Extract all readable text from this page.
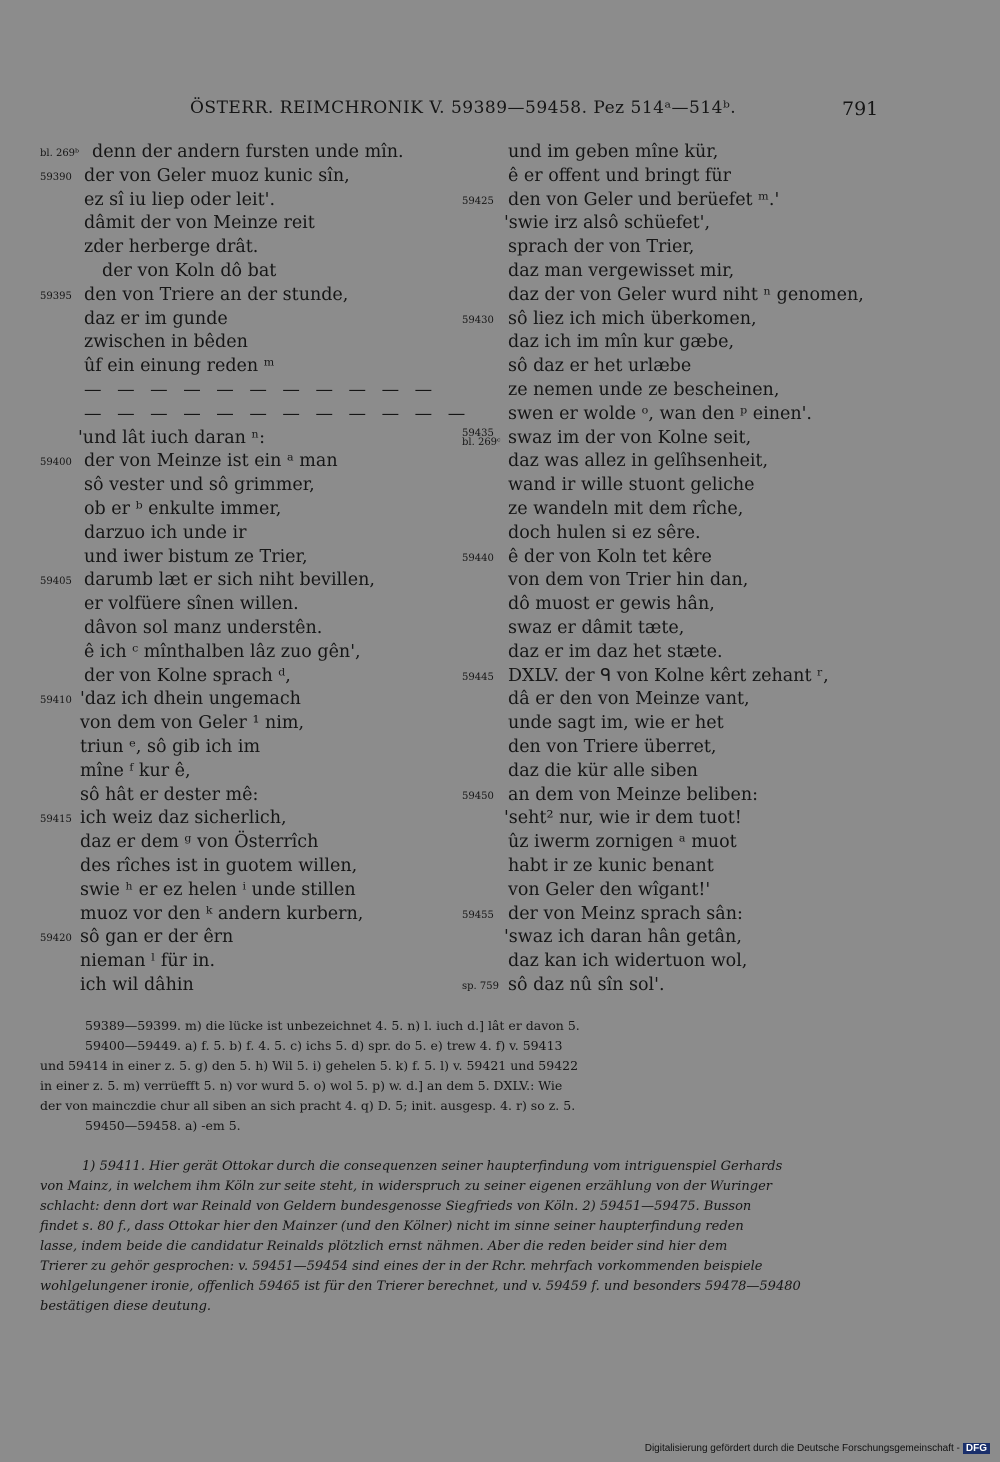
ÖSTERR. REIMCHRONIK V. 59389—59458. Pez 514ᵃ—514ᵇ.	791
bl. 269ᵇ denn der andern fursten unde mîn.
59390 der von Geler muoz kunic sîn,
ez sî iu liep oder leit'.
dâmit der von Meinze reit
zder herberge drât.
der von Koln dô bat
59395 den von Triere an der stunde,
daz er im gunde
zwischen in bêden
ûf ein einung reden ᵐ
— — — — — — — — — — —
— — — — — — — — — — — —
'und lât iuch daran ⁿ:
59400 der von Meinze ist ein ᵃ man
sô vester und sô grimmer,
ob er ᵇ enkulte immer,
darzuo ich unde ir
und iwer bistum ze Trier,
59405 darumb læt er sich niht bevillen,
er volfüere sînen willen.
dâvon sol manz understên.
ê ich ᶜ mînthalben lâz zuo gên',
der von Kolne sprach ᵈ,
59410 'daz ich dhein ungemach
von dem von Geler ¹ nim,
triun ᵉ, sô gib ich im
mîne ᶠ kur ê,
sô hât er dester mê:
59415 ich weiz daz sicherlich,
daz er dem ᵍ von Österrîch
des rîches ist in guotem willen,
swie ʰ er ez helen ⁱ unde stillen
muoz vor den ᵏ andern kurbern,
59420 sô gan er der êrn
nieman ˡ für in.
ich wil dâhin
und im geben mîne kür,
ê er offent und bringt für
59425 den von Geler und berüefet ᵐ.'
'swie irz alsô schüefet',
sprach der von Trier,
daz man vergewisset mir,
daz der von Geler wurd niht ⁿ genomen,
59430 sô liez ich mich überkomen,
daz ich im mîn kur gæbe,
sô daz er het urlæbe
ze nemen unde ze bescheinen,
swen er wolde ᵒ, wan den ᵖ einen'.
59435
bl. 269ᶜ swaz im der von Kolne seit,
daz was allez in gelîhsenheit,
wand ir wille stuont geliche
ze wandeln mit dem rîche,
doch hulen si ez sêre.
59440 ê der von Koln tet kêre
von dem von Trier hin dan,
dô muost er gewis hân,
swaz er dâmit tæte,
daz er im daz het stæte.
59445 DXLV. der ᑫ von Kolne kêrt zehant ʳ,
dâ er den von Meinze vant,
unde sagt im, wie er het
den von Triere überret,
daz die kür alle siben
59450 an dem von Meinze beliben:
'seht² nur, wie ir dem tuot!
ûz iwerm zornigen ᵃ muot
habt ir ze kunic benant
von Geler den wîgant!'
59455 der von Meinz sprach sân:
'swaz ich daran hân getân,
daz kan ich widertuon wol,
sp. 759 sô daz nû sîn sol'.
59389—59399. m) die lücke ist unbezeichnet 4. 5. n) l. iuch d.] lât er davon 5.
59400—59449. a) f. 5. b) f. 4. 5. c) ichs 5. d) spr. do 5. e) trew 4. f) v. 59413
und 59414 in einer z. 5. g) den 5. h) Wil 5. i) gehelen 5. k) f. 5. l) v. 59421 und 59422
in einer z. 5. m) verrüefft 5. n) vor wurd 5. o) wol 5. p) w. d.] an dem 5. DXLV.: Wie
der von mainczdie chur all siben an sich pracht 4. q) D. 5; init. ausgesp. 4. r) so z. 5.
59450—59458. a) -em 5.

1) 59411. Hier gerät Ottokar durch die consequenzen seiner haupterfindung vom intriguenspiel Gerhards

von Mainz, in welchem ihm Köln zur seite steht, in widerspruch zu seiner eigenen erzählung von der Wuringer

schlacht: denn dort war Reinald von Geldern bundesgenosse Siegfrieds von Köln. 2) 59451—59475. Busson

findet s. 80 f., dass Ottokar hier den Mainzer (und den Kölner) nicht im sinne seiner haupterfindung reden

lasse, indem beide die candidatur Reinalds plötzlich ernst nähmen. Aber die reden beider sind hier dem

Trierer zu gehör gesprochen: v. 59451—59454 sind eines der in der Rchr. mehrfach vorkommenden beispiele

wohlgelungener ironie, offenlich 59465 ist für den Trierer berechnet, und v. 59459 f. und besonders 59478—59480

bestätigen diese deutung.

Digitalisierung gefördert durch die Deutsche Forschungsgemeinschaft - DFG
